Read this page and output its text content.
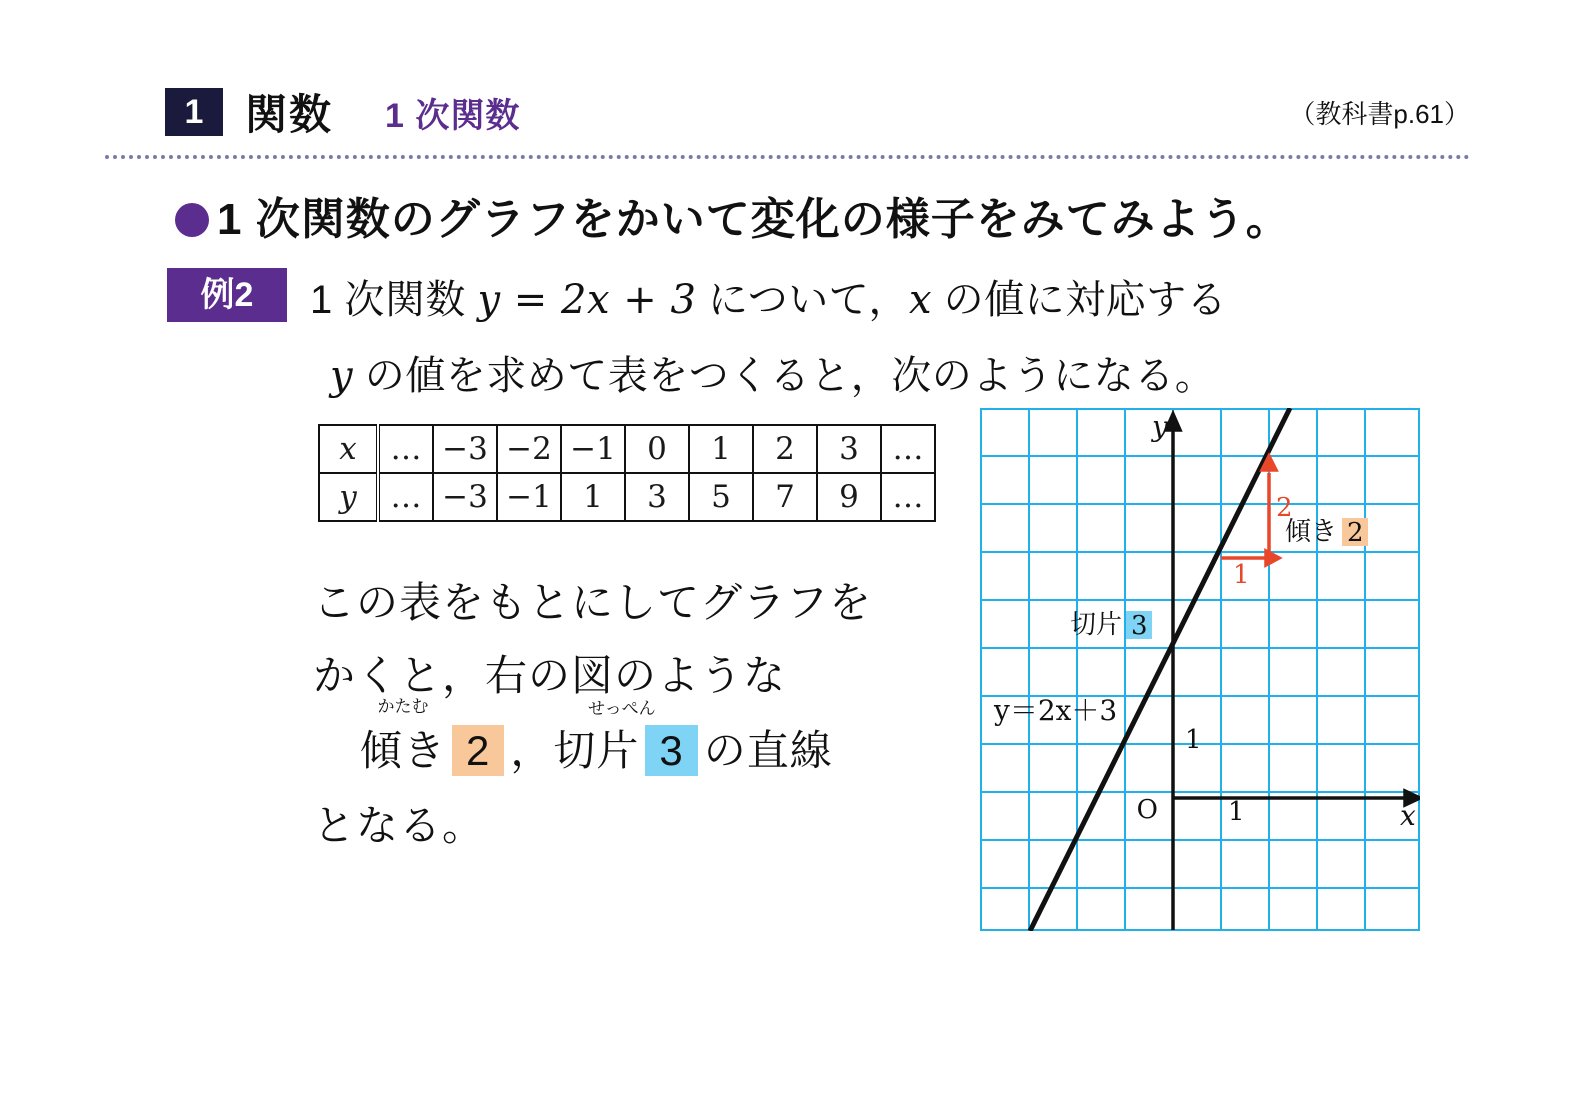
1 関数 1 次関数	（教科書p.61）
1 次関数のグラフをかいて変化の様子をみてみよう。
例2	1 次関数 y = 2x + 3 について，x の値に対応する
y の値を求めて表をつくると，次のようになる。
x	…	−3	−2	−1	0	1	2	3	…
y	…	−3	−1	1	3	5	7	9	…
この表をもとにしてグラフを
かくと，右の図のような
かたむ
傾き 2 ，切片 3 の直線
となる。
せっぺん
O	1
1
x
y
y＝2x＋3
1
2
傾き 2
切片 3
